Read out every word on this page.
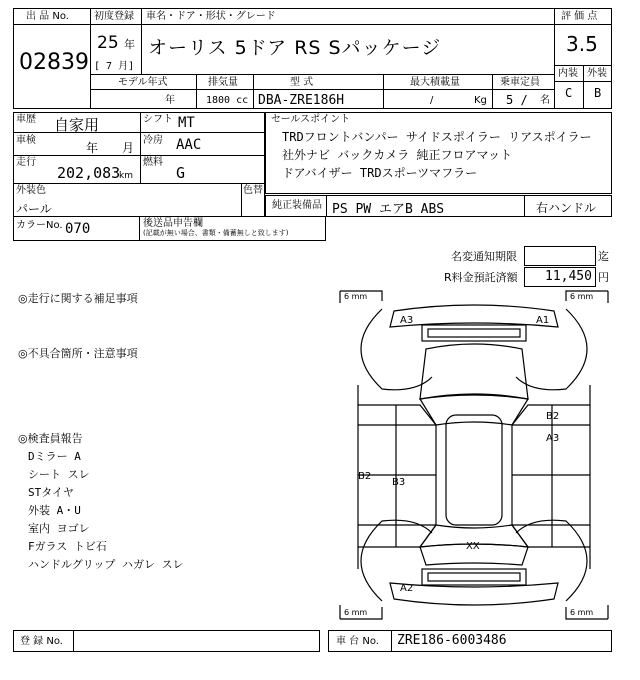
出 品 No.
02839
初度登録
25 年
[ 7 月]
車名・ドア・形状・グレード
オーリス 5ドア RS Sパッケージ
評 価 点
3.5
内装 外装
C B
モデル年式
年
排気量
1800 cc
型 式
DBA-ZRE186H
最大積載量
/	Kg
乗車定員
5 / 名
車歴 自家用	シフト MT
車検
年 月
冷房 AAC
走行
202,083
km
燃料
G
外装色
パール
色替
カラーNo. 070	後送品申告欄
(記載が無い場合、書類・備蓄無しと致します)
セールスポイント
TRDフロントバンパー サイドスポイラー リアスポイラー
社外ナビ バックカメラ 純正フロアマット
ドアバイザー TRDスポーツマフラー
純正装備品 PS PW エアB ABS	右ハンドル
名変通知期限	迄
R料金預託済額 11,450 円
◎走行に関する補足事項
◎不具合箇所・注意事項
◎検査員報告
Dミラー A
シート スレ
STタイヤ
外装 A・U
室内 ヨゴレ
Fガラス トビ石
ハンドルグリップ ハガレ スレ
6 mm	6 mm
6 mm	6 mm
A3	A1
B2
A3
B2
B3
XX
A2
登 録 No.	車 台 No. ZRE186-6003486
